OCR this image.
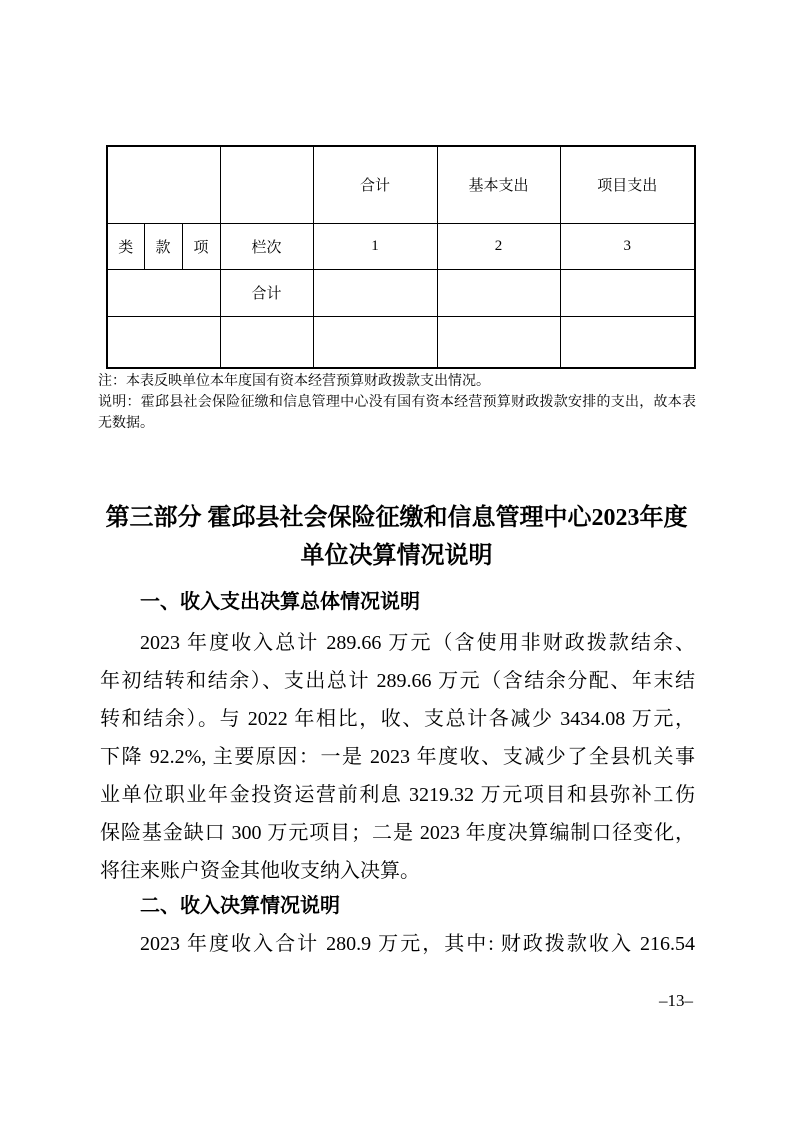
				合计	基本支出	项目支出
类	款	项	栏次	1	2	3
			合计			

注：本表反映单位本年度国有资本经营预算财政拨款支出情况。

说明：霍邱县社会保险征缴和信息管理中心没有国有资本经营预算财政拨款安排的支出，故本表无数据。

第三部分 霍邱县社会保险征缴和信息管理中心2023年度
单位决算情况说明
一、收入支出决算总体情况说明
2023 年度收入总计 289.66 万元（含使用非财政拨款结余、
年初结转和结余）、支出总计 289.66 万元（含结余分配、年末结
转和结余）。与 2022 年相比，收、支总计各减少 3434.08 万元，
下降 92.2%, 主要原因：一是 2023 年度收、支减少了全县机关事
业单位职业年金投资运营前利息 3219.32 万元项目和县弥补工伤
保险基金缺口 300 万元项目；二是 2023 年度决算编制口径变化，
将往来账户资金其他收支纳入决算。
二、收入决算情况说明
2023 年度收入合计 280.9 万元，其中: 财政拨款收入 216.54
–13–
